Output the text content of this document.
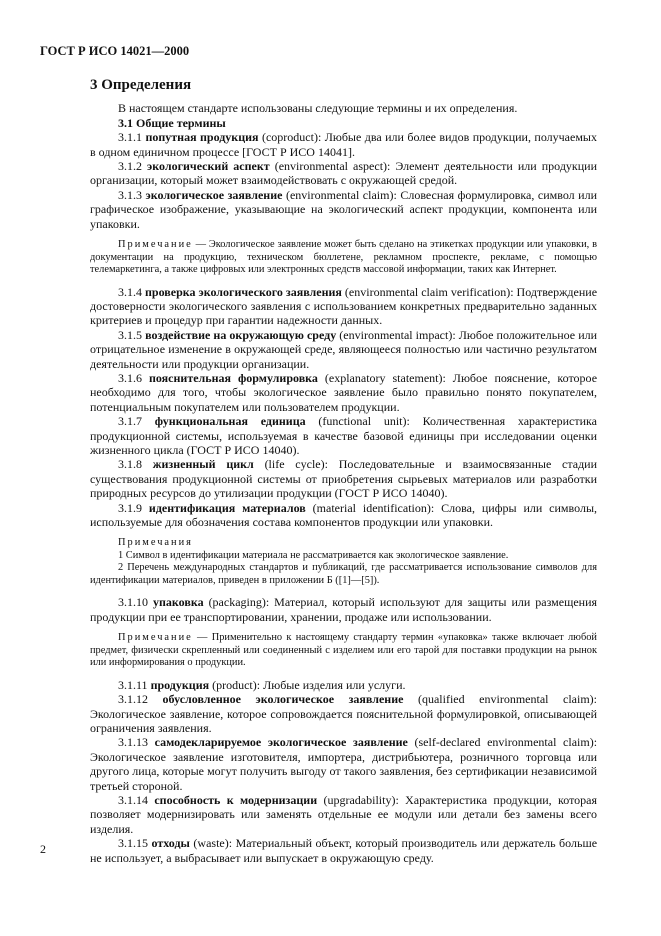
ГОСТ Р ИСО 14021—2000
3 Определения

В настоящем стандарте использованы следующие термины и их определения.

3.1 Общие термины

3.1.1 попутная продукция (coproduct): Любые два или более видов продукции, получаемых в одном единичном процессе [ГОСТ Р ИСО 14041].

3.1.2 экологический аспект (environmental aspect): Элемент деятельности или продукции организации, который может взаимодействовать с окружающей средой.

3.1.3 экологическое заявление (environmental claim): Словесная формулировка, символ или графическое изображение, указывающие на экологический аспект продукции, компонента или упаковки.

Примечание — Экологическое заявление может быть сделано на этикетках продукции или упаковки, в документации на продукцию, техническом бюллетене, рекламном проспекте, рекламе, с помощью телемаркетинга, а также цифровых или электронных средств массовой информации, таких как Интернет.

3.1.4 проверка экологического заявления (environmental claim verification): Подтверждение достоверности экологического заявления с использованием конкретных предварительно заданных критериев и процедур при гарантии надежности данных.

3.1.5 воздействие на окружающую среду (environmental impact): Любое положительное или отрицательное изменение в окружающей среде, являющееся полностью или частично результатом деятельности или продукции организации.

3.1.6 пояснительная формулировка (explanatory statement): Любое пояснение, которое необходимо для того, чтобы экологическое заявление было правильно понято покупателем, потенциальным покупателем или пользователем продукции.

3.1.7 функциональная единица (functional unit): Количественная характеристика продукционной системы, используемая в качестве базовой единицы при исследовании оценки жизненного цикла (ГОСТ Р ИСО 14040).

3.1.8 жизненный цикл (life cycle): Последовательные и взаимосвязанные стадии существования продукционной системы от приобретения сырьевых материалов или разработки природных ресурсов до утилизации продукции (ГОСТ Р ИСО 14040).

3.1.9 идентификация материалов (material identification): Слова, цифры или символы, используемые для обозначения состава компонентов продукции или упаковки.

Примечания

1 Символ в идентификации материала не рассматривается как экологическое заявление.

2 Перечень международных стандартов и публикаций, где рассматривается использование символов для идентификации материалов, приведен в приложении Б ([1]—[5]).

3.1.10 упаковка (packaging): Материал, который используют для защиты или размещения продукции при ее транспортировании, хранении, продаже или использовании.

Примечание — Применительно к настоящему стандарту термин «упаковка» также включает любой предмет, физически скрепленный или соединенный с изделием или его тарой для поставки продукции на рынок или информирования о продукции.

3.1.11 продукция (product): Любые изделия или услуги.

3.1.12 обусловленное экологическое заявление (qualified environmental claim): Экологическое заявление, которое сопровождается пояснительной формулировкой, описывающей ограничения заявления.

3.1.13 самодекларируемое экологическое заявление (self-declared environmental claim): Экологическое заявление изготовителя, импортера, дистрибьютера, розничного торговца или другого лица, которые могут получить выгоду от такого заявления, без сертификации независимой третьей стороной.

3.1.14 способность к модернизации (upgradability): Характеристика продукции, которая позволяет модернизировать или заменять отдельные ее модули или детали без замены всего изделия.

3.1.15 отходы (waste): Материальный объект, который производитель или держатель больше не использует, а выбрасывает или выпускает в окружающую среду.

2
